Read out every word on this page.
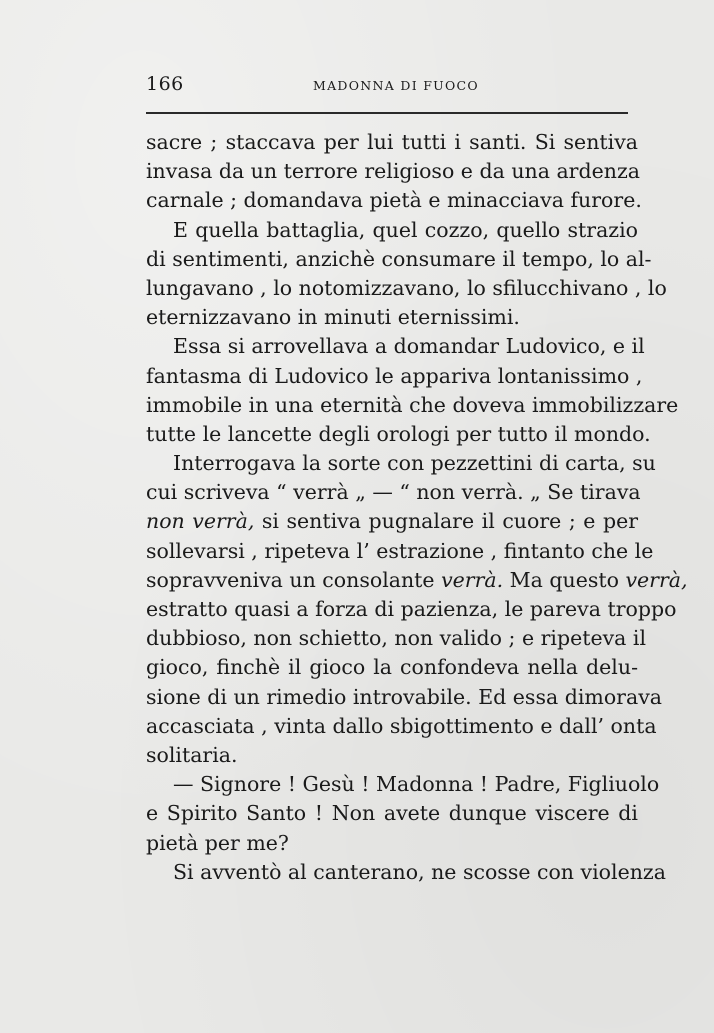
166	MADONNA DI FUOCO
sacre ; staccava per lui tutti i santi. Si sentiva
invasa da un terrore religioso e da una ardenza
carnale ; domandava pietà e minacciava furore.
E quella battaglia, quel cozzo, quello strazio
di sentimenti, anzichè consumare il tempo, lo al-
lungavano , lo notomizzavano, lo sfilucchivano , lo
eternizzavano in minuti eternissimi.
Essa si arrovellava a domandar Ludovico, e il
fantasma di Ludovico le appariva lontanissimo ,
immobile in una eternità che doveva immobilizzare
tutte le lancette degli orologi per tutto il mondo.
Interrogava la sorte con pezzettini di carta, su
cui scriveva “ verrà „ — “ non verrà. „ Se tirava
non verrà, si sentiva pugnalare il cuore ; e per
sollevarsi , ripeteva l’ estrazione , fintanto che le
sopravveniva un consolante verrà. Ma questo verrà,
estratto quasi a forza di pazienza, le pareva troppo
dubbioso, non schietto, non valido ; e ripeteva il
gioco, finchè il gioco la confondeva nella delu-
sione di un rimedio introvabile. Ed essa dimorava
accasciata , vinta dallo sbigottimento e dall’ onta
solitaria.
— Signore ! Gesù ! Madonna ! Padre, Figliuolo
e Spirito Santo ! Non avete dunque viscere di
pietà per me?
Si avventò al canterano, ne scosse con violenza
